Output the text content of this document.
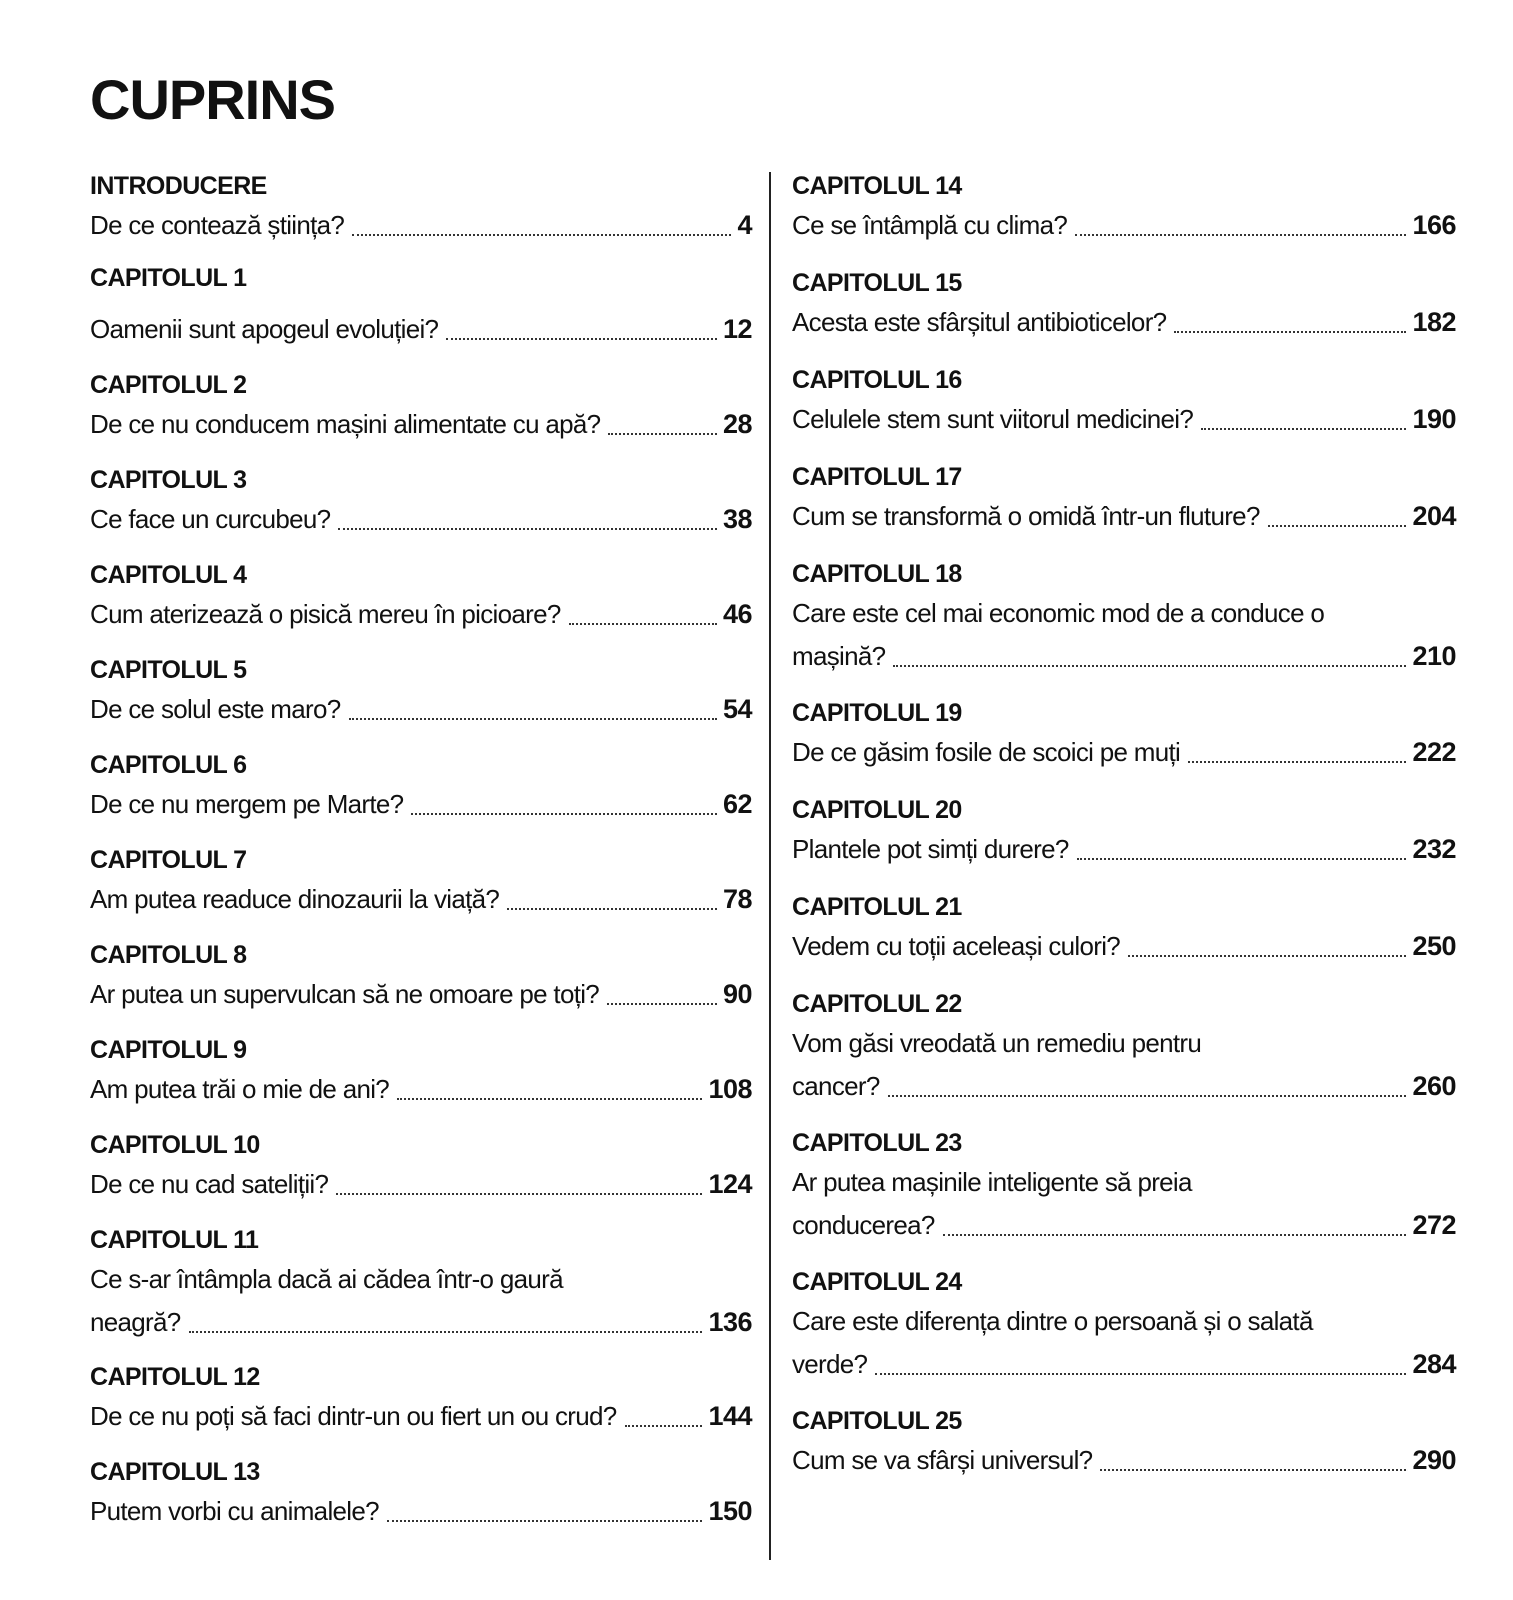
CUPRINS
INTRODUCERE
De ce contează știința?	4
CAPITOLUL 1
Oamenii sunt apogeul evoluției?	12
CAPITOLUL 2
De ce nu conducem mașini alimentate cu apă?	28
CAPITOLUL 3
Ce face un curcubeu?	38
CAPITOLUL 4
Cum aterizează o pisică mereu în picioare?	46
CAPITOLUL 5
De ce solul este maro?	54
CAPITOLUL 6
De ce nu mergem pe Marte?	62
CAPITOLUL 7
Am putea readuce dinozaurii la viață?	78
CAPITOLUL 8
Ar putea un supervulcan să ne omoare pe toți?	90
CAPITOLUL 9
Am putea trăi o mie de ani?	108
CAPITOLUL 10
De ce nu cad sateliții?	124
CAPITOLUL 11
Ce s-ar întâmpla dacă ai cădea într-o gaură
neagră?	136
CAPITOLUL 12
De ce nu poți să faci dintr-un ou fiert un ou crud?	144
CAPITOLUL 13
Putem vorbi cu animalele?	150
CAPITOLUL 14
Ce se întâmplă cu clima?	166
CAPITOLUL 15
Acesta este sfârșitul antibioticelor?	182
CAPITOLUL 16
Celulele stem sunt viitorul medicinei?	190
CAPITOLUL 17
Cum se transformă o omidă într-un fluture?	204
CAPITOLUL 18
Care este cel mai economic mod de a conduce o
mașină?	210
CAPITOLUL 19
De ce găsim fosile de scoici pe muți	222
CAPITOLUL 20
Plantele pot simți durere?	232
CAPITOLUL 21
Vedem cu toții aceleași culori?	250
CAPITOLUL 22
Vom găsi vreodată un remediu pentru
cancer?	260
CAPITOLUL 23
Ar putea mașinile inteligente să preia
conducerea?	272
CAPITOLUL 24
Care este diferența dintre o persoană și o salată
verde?	284
CAPITOLUL 25
Cum se va sfârși universul?	290
